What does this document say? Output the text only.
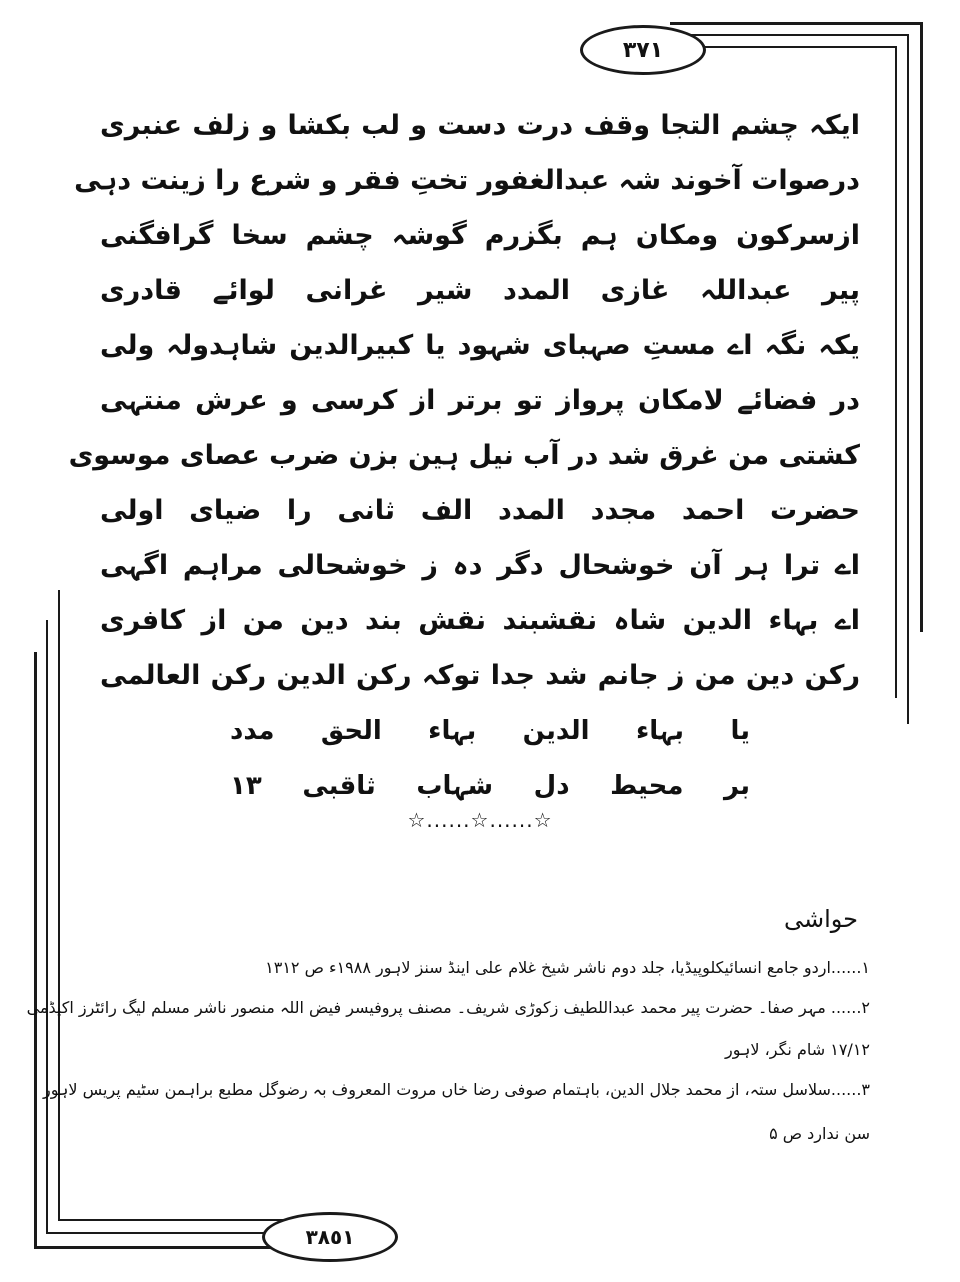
٣٧١
٣٨٥١
ایکہ چشم التجا وقف درت دست و لب بکشا و زلف عنبری
درصوات آخوند شہ عبدالغفور تختِ فقر و شرع را زینت دہی
ازسرکون ومکان ہم بگزرم گوشہ چشم سخا گرافگنی
پیر عبداللہ غازی المدد شیر غرانی لوائے قادری
یکہ نگہ اے مستِ صہبای شہود یا کبیرالدین شاہدولہ ولی
در فضائے لامکان پرواز تو برتر از کرسی و عرش منتہی
کشتی من غرق شد در آب نیل ہین بزن ضرب عصای موسوی
حضرت احمد مجدد المدد الف ثانی را ضیای اولی
اے ترا ہر آن خوشحال دگر دہ ز خوشحالی مراہم اگہی
اے بہاء الدین شاہ نقشبند نقش بند دین من از کافری
رکن دین من ز جانم شد جدا توکہ رکن الدین رکن العالمی
یا بہاء الدین بہاء الحق مدد
بر محیط دل شہاب ثاقبی ١٣
☆......☆......☆
حواشی
١......اردو جامع انسائیکلوپیڈیا، جلد دوم ناشر شیخ غلام علی اینڈ سنز لاہور ١٩٨٨ء ص ١٣١٢
٢...... مہر صفا۔ حضرت پیر محمد عبداللطیف زکوڑی شریف۔ مصنف پروفیسر فیض اللہ منصور ناشر مسلم لیگ رائٹرز اکیڈمی
١٧/١٢ شام نگر، لاہور
٣......سلاسل ستہ، از محمد جلال الدین، باہتمام صوفی رضا خاں مروت المعروف بہ رضوگل مطبع براہمن سٹیم پریس لاہور
سن ندارد ص ۵
